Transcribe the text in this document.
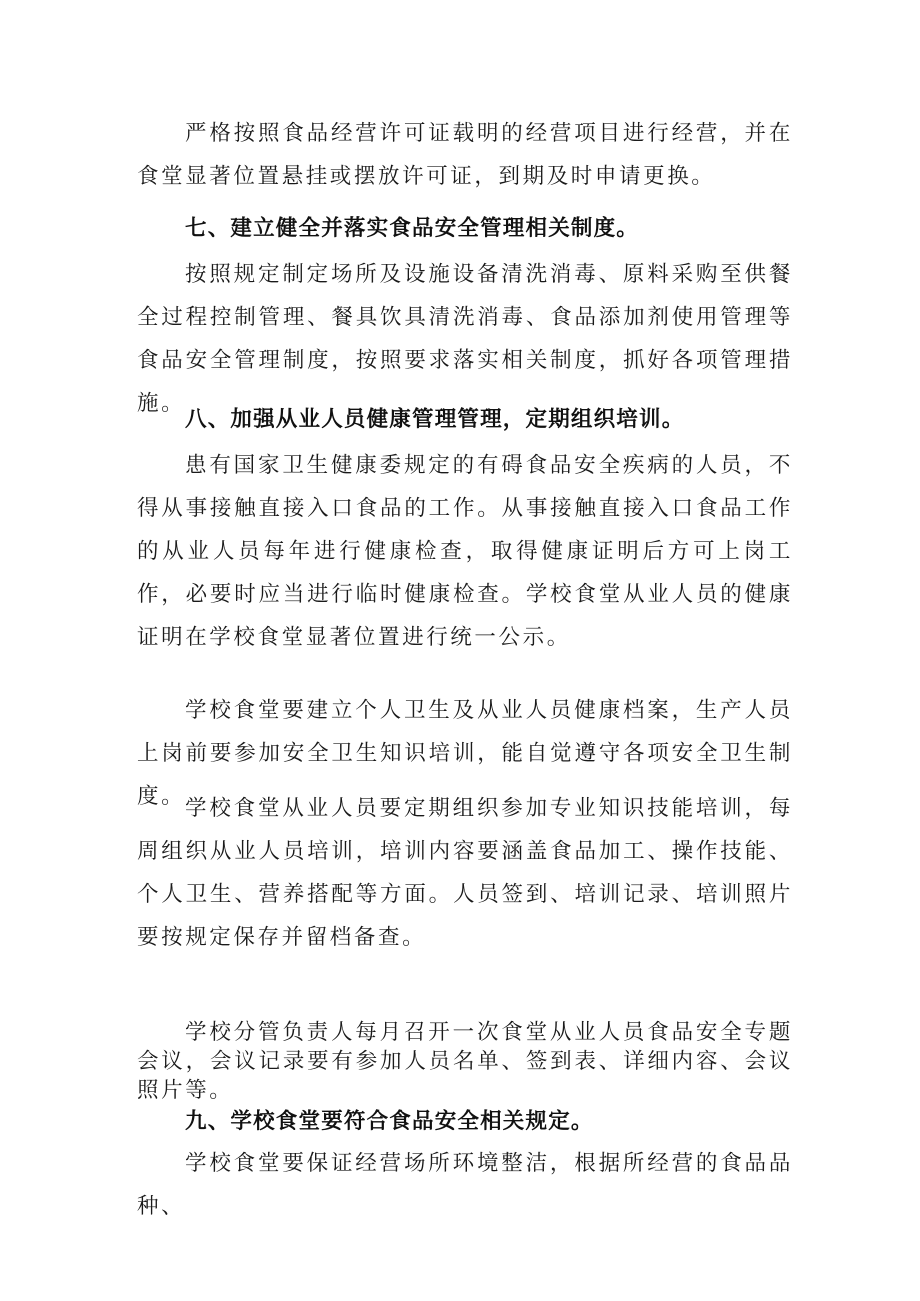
严格按照食品经营许可证载明的经营项目进行经营，并在食堂显著位置悬挂或摆放许可证，到期及时申请更换。

七、建立健全并落实食品安全管理相关制度。

按照规定制定场所及设施设备清洗消毒、原料采购至供餐全过程控制管理、餐具饮具清洗消毒、食品添加剂使用管理等食品安全管理制度，按照要求落实相关制度，抓好各项管理措施。

八、加强从业人员健康管理管理，定期组织培训。

患有国家卫生健康委规定的有碍食品安全疾病的人员，不得从事接触直接入口食品的工作。从事接触直接入口食品工作的从业人员每年进行健康检查，取得健康证明后方可上岗工作，必要时应当进行临时健康检查。学校食堂从业人员的健康证明在学校食堂显著位置进行统一公示。

学校食堂要建立个人卫生及从业人员健康档案，生产人员上岗前要参加安全卫生知识培训，能自觉遵守各项安全卫生制度。 学校食堂从业人员要定期组织参加专业知识技能培训，每周组织从业人员培训，培训内容要涵盖食品加工、操作技能、个人卫生、营养搭配等方面。人员签到、培训记录、培训照片要按规定保存并留档备查。

学校分管负责人每月召开一次食堂从业人员食品安全专题会议，会议记录要有参加人员名单、签到表、详细内容、会议照片等。

九、学校食堂要符合食品安全相关规定。

学校食堂要保证经营场所环境整洁，根据所经营的食品品种、
